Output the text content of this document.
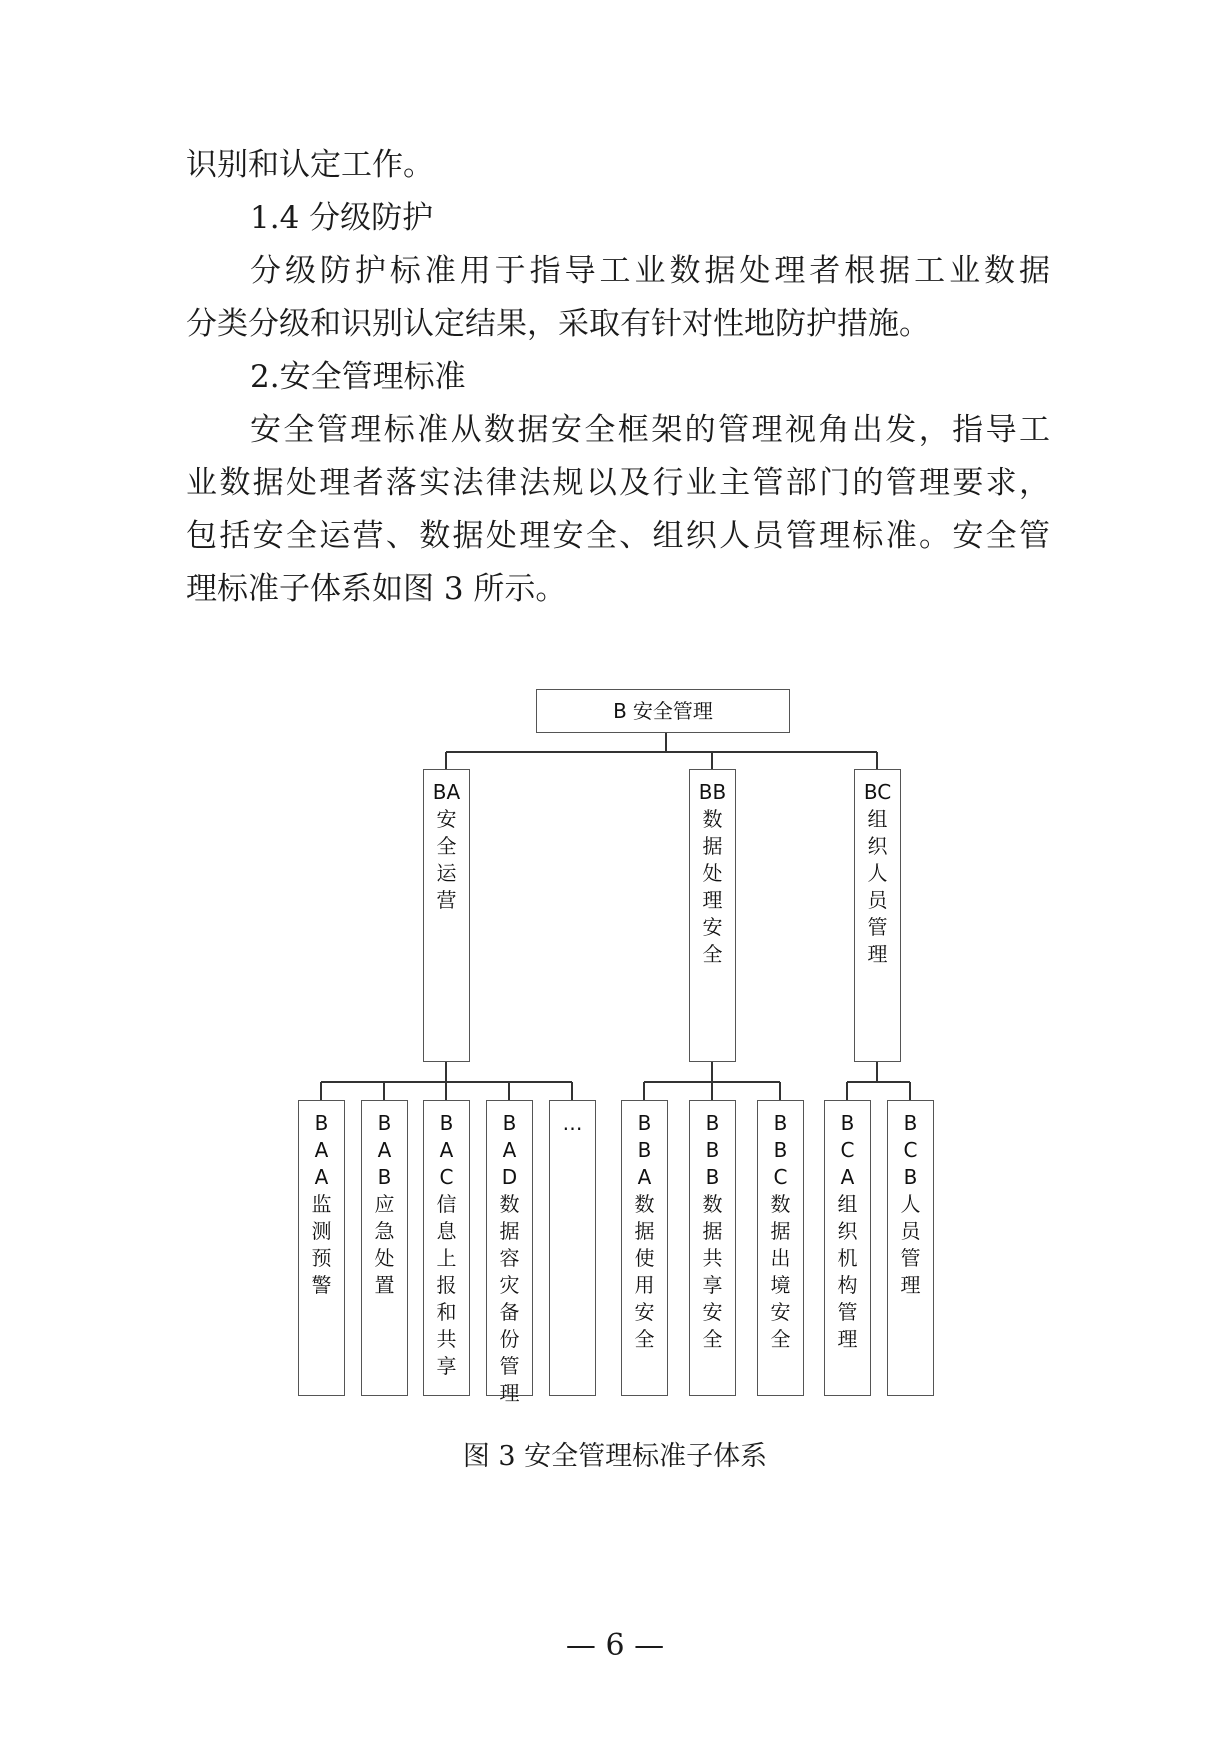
识别和认定工作。
1.4 分级防护
分级防护标准用于指导工业数据处理者根据工业数据
分类分级和识别认定结果，采取有针对性地防护措施。
2.安全管理标准
安全管理标准从数据安全框架的管理视角出发，指导工
业数据处理者落实法律法规以及行业主管部门的管理要求，
包括安全运营、数据处理安全、组织人员管理标准。安全管
理标准子体系如图 3 所示。
B 安全管理
BA
安全运营
BB
数据处理安全
BC
组织人员管理
BAA
监测预警
BAB
应急处置
BAC
信息上报和共享
BAD
数据容灾备份管理
…	BBA
数据使用安全
BBB
数据共享安全
BBC
数据出境安全
BCA
组织机构管理
BCB
人员管理
图 3 安全管理标准子体系
— 6 —
